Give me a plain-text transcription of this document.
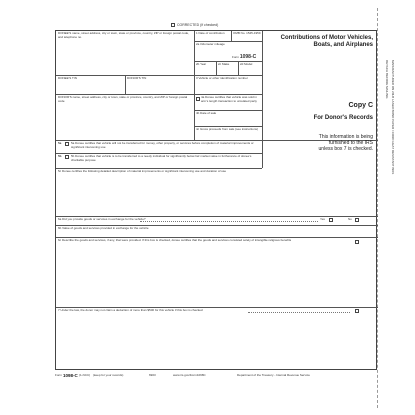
CORRECTED (if checked)
DETACH BEFORE MAILING MANUFACTURED ON 20LB LASER BOND PAPER / CORD HEAT RESISTANT INKS
DONEE'S name, street address, city or town, state or province, country, ZIP or foreign postal code, and telephone no.
1 Date of contribution	OMB No. 1545-1959
2a Odometer mileage
Form 1098-C
2b Year	2c Make	2d Model
DONEE'S TIN	DONOR'S TIN	3 Vehicle or other identification number
DONOR'S name, street address, city or town, state or province, country, and ZIP or foreign postal code
4a Donee certifies that vehicle was sold in arm's length transaction to unrelated party
4b Date of sale
4c Gross proceeds from sale (see instructions)
Contributions of Motor Vehicles, Boats, and Airplanes
Copy C
For Donor's Records
This information is being furnished to the IRS unless box 7 is checked.
5a	5a Donee certifies that vehicle will not be transferred for money, other property, or services before completion of material improvements or significant intervening use
5b	5b Donee certifies that vehicle is to be transferred to a needy individual for significantly below fair market value in furtherance of donee's charitable purpose
5c Donee certifies the following detailed description of material improvements or significant intervening use and duration of use
6a Did you provide goods or services in exchange for the vehicle?	Yes	No
6b Value of goods and services provided in exchange for the vehicle
6c Describe the goods and services, if any, that were provided. If this box is checked, donee certifies that the goods and services consisted solely of intangible religious benefits
7 Under the law, the donor may not claim a deduction of more than $500 for this vehicle if this box is checked
Form 1098-C (1-NCC) (keep for your records)	6903	www.irs.gov/Form1098C	Department of the Treasury - Internal Revenue Service
